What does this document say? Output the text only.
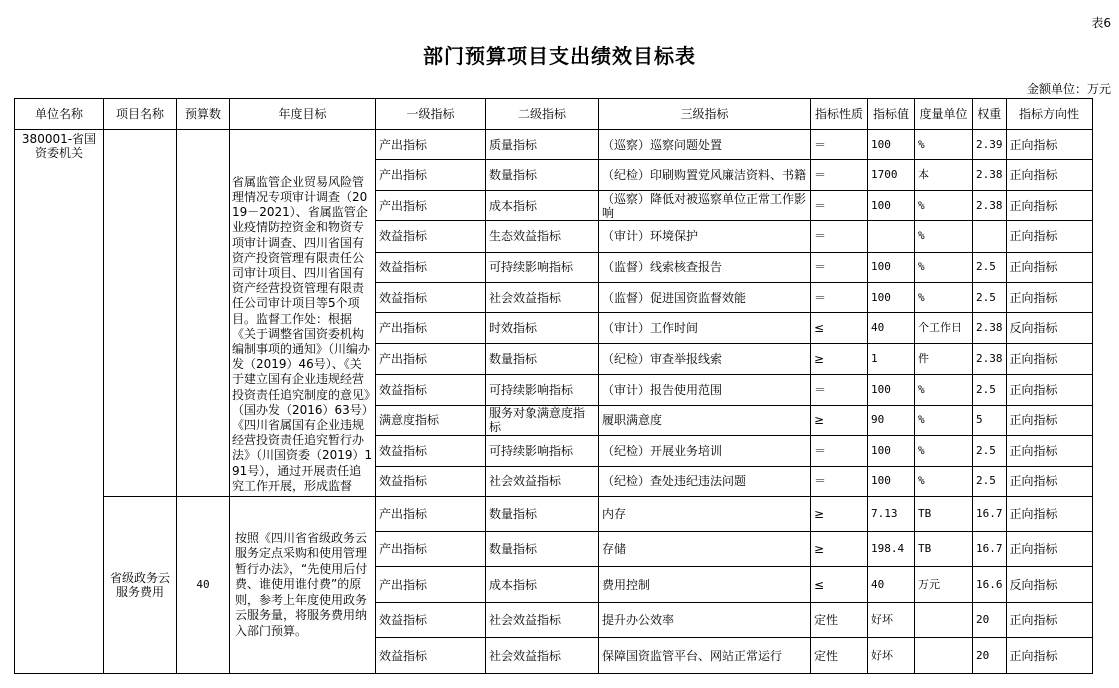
表6
部门预算项目支出绩效目标表
金额单位：万元
单位名称	项目名称	预算数	年度目标	一级指标	二级指标	三级指标	指标性质	指标值	度量单位	权重	指标方向性
380001-省国资委机关			省属监管企业贸易风险管理情况专项审计调查（2019－2021）、省属监管企业疫情防控资金和物资专项审计调查、四川省国有资产投资管理有限责任公司审计项目、四川省国有资产经营投资管理有限责任公司审计项目等5个项目。监督工作处：根据《关于调整省国资委机构编制事项的通知》（川编办发（2019）46号）、《关于建立国有企业违规经营投资责任追究制度的意见》（国办发（2016）63号）《四川省属国有企业违规经营投资责任追究暂行办法》（川国资委（2019）191号），通过开展责任追究工作开展，形成监督	产出指标	质量指标	（巡察）巡察问题处置	＝	100	%	2.39	正向指标
				产出指标	数量指标	（纪检）印刷购置党风廉洁资料、书籍	＝	1700	本	2.38	正向指标
				产出指标	成本指标	（巡察）降低对被巡察单位正常工作影响	＝	100	%	2.38	正向指标
				效益指标	生态效益指标	（审计）环境保护	＝		%		正向指标
				效益指标	可持续影响指标	（监督）线索核查报告	＝	100	%	2.5	正向指标
				效益指标	社会效益指标	（监督）促进国资监督效能	＝	100	%	2.5	正向指标
				产出指标	时效指标	（审计）工作时间	≤	40	个工作日	2.38	反向指标
				产出指标	数量指标	（纪检）审查举报线索	≥	1	件	2.38	正向指标
				效益指标	可持续影响指标	（审计）报告使用范围	＝	100	%	2.5	正向指标
				满意度指标	服务对象满意度指标	履职满意度	≥	90	%	5	正向指标
				效益指标	可持续影响指标	（纪检）开展业务培训	＝	100	%	2.5	正向指标
				效益指标	社会效益指标	（纪检）查处违纪违法问题	＝	100	%	2.5	正向指标
	省级政务云服务费用	40	按照《四川省省级政务云服务定点采购和使用管理暂行办法》，“先使用后付费、谁使用谁付费”的原则，参考上年度使用政务云服务量，将服务费用纳入部门预算。	产出指标	数量指标	内存	≥	7.13	TB	16.7	正向指标
				产出指标	数量指标	存储	≥	198.4	TB	16.7	正向指标
				产出指标	成本指标	费用控制	≤	40	万元	16.6	反向指标
				效益指标	社会效益指标	提升办公效率	定性	好坏		20	正向指标
				效益指标	社会效益指标	保障国资监管平台、网站正常运行	定性	好坏		20	正向指标
